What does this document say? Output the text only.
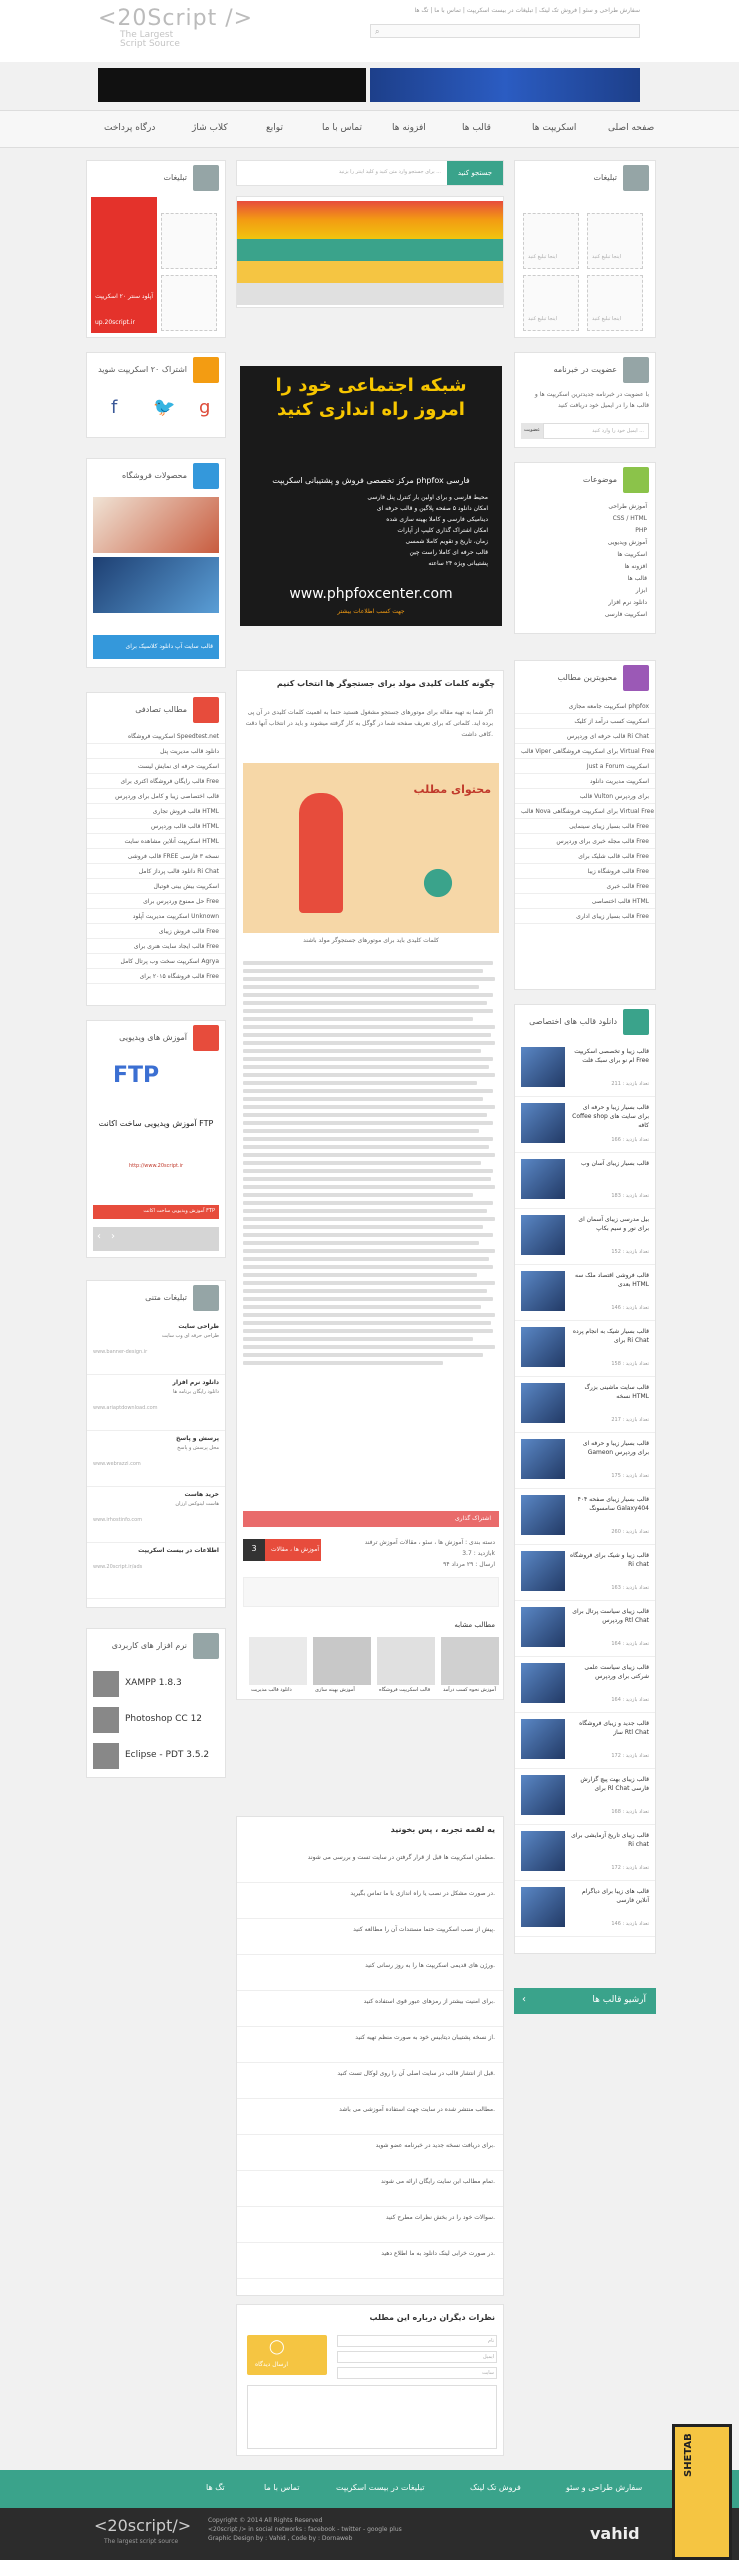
<20Script />
The Largest Script Source
سفارش طراحی و سئو | فروش تک لینک | تبلیغات در بیست اسکریپت | تماس با ما | تگ ها
⌕
صفحه اصلی
اسکریپت ها
قالب ها
افزونه ها
تماس با ما
توابع
کلاب شاژ
درگاه پرداخت
تبلیغات
اینجا تبلیغ کنید	اینجا تبلیغ کنید
اینجا تبلیغ کنید	اینجا تبلیغ کنید
عضویت در خبرنامه
با عضویت در خبرنامه جدیدترین اسکریپت ها و قالب ها را در ایمیل خود دریافت کنید
ایمیل خود را وارد کنید ...
عضویت
موضوعات
آموزش طراحی
CSS / HTML
PHP
آموزش ویدیویی
اسکریپت ها
افزونه ها
قالب ها
ابزار
دانلود نرم افزار
اسکریپت فارسی
محبوبترین مطالب
اسکریپت جامعه مجازی phpfox
اسکریپت کسب درآمد از کلیک
قالب حرفه ای وردپرس Ri Chat
قالب Viper برای اسکریپت فروشگاهی Virtual Free
Just a Forum اسکریپت
اسکریپت مدیریت دانلود
قالب Vulton برای وردپرس
قالب Nova برای اسکریپت فروشگاهی Virtual Free
قالب بسیار زیبای سینمایی Free
قالب مجله خبری برای وردپرس Free
قالب قالب شلیک برای Free
قالب فروشگاه زیبا Free
قالب خبری Free
قالب اختصاصی HTML
قالب بسیار زیبای اداری Free
دانلود قالب های اختصاصی
قالب زیبا و تخصصی اسکریپت ام نو برای سبک فلت Free
تعداد بازدید : 211
قالب بسیار زیبا و حرفه ای Coffee shop برای سایت های کافه
تعداد بازدید : 166
قالب بسیار زیبای آسان وب
تعداد بازدید : 183
بیل مدرسی زیبای آسمان ای برای نور و سیم بکاپ
تعداد بازدید : 152
قالب فروشی اقتصاد ملک سه بعدی HTML
تعداد بازدید : 146
قالب بسیار شیک به انجام پرده برای Ri Chat
تعداد بازدید : 158
قالب سایت ماشینی بزرگ نسخه HTML
تعداد بازدید : 217
قالب بسیار زیبا و حرفه ای Gameon برای وردپرس
تعداد بازدید : 175
قالب بسیار زیبای صفحه ۴۰۴ سامسونگ Galaxy404
تعداد بازدید : 260
قالب زیبا و شیک برای فروشگاه Ri chat
تعداد بازدید : 163
قالب زیبای سیاست پرتال برای وردپرس Rtl Chat
تعداد بازدید : 164
قالب زیبای سیاست علمی شرکتی برای وردپرس
تعداد بازدید : 164
قالب جدید و زیبای فروشگاه ساز Rtl Chat
تعداد بازدید : 172
قالب زیبای بهت پیچ گزارش برای Rl Chat فارسی
تعداد بازدید : 168
قالب زیبای تاریخ آزمایشی برای Ri chat
تعداد بازدید : 172
قالب های زیبا برای دیاگرام آنلاین فارسی
تعداد بازدید : 146
آرشیو قالب ها
‹
جستجو کنید
برای جستجو وارد متن کنید و کلید اینتر را بزنید ...
شبکه اجتماعی خود را امروز راه اندازی کنید
مرکز تخصصی فروش و پشتیبانی اسکریپت phpfox فارسی
محیط فارسی و برای اولین بار کنترل پنل فارسی
امکان دانلود ۵ صفحه پلاگین و قالب حرفه ای
دینامیکی فارسی و کاملا بهینه سازی شده
امکان اشتراک گذاری کلیپ از آپارات
زمان، تاریخ و تقویم کاملا شمسی
قالب حرفه ای کاملا راست چین
پشتیبانی ویژه ۲۴ ساعته
www.phpfoxcenter.com
جهت کسب اطلاعات بیشتر
چگونه کلمات کلیدی مولد برای جستجوگر ها انتخاب کنیم
اگر شما به تهیه مقاله برای موتورهای جستجو مشغول هستید حتما به اهمیت کلمات کلیدی در آن پی برده اید. کلماتی که برای تعریف صفحه شما در گوگل به کار گرفته میشوند و باید در انتخاب آنها دقت کافی داشت.
محتوای مطلب
کلمات کلیدی باید برای موتورهای جستجوگر مولد باشند
اشتراک گذاری
دسته بندی : آموزش ها ، سئو ، مقالات آموزش ترفند
بازدید : 3.7k
ارسال : ۲۹ مرداد ۹۴
3	آموزش ها ، مقالات
مطالب مشابه
آموزش نحوه کسب درآمد
قالب اسکریپت فروشگاه
آموزش بهینه سازی
دانلود قالب مدیریت
یه لقمه تجربه ، پس بخونید
مطمئن اسکریپت ها قبل از قرار گرفتن در سایت تست و بررسی می شوند.
در صورت مشکل در نصب یا راه اندازی با ما تماس بگیرید.
پیش از نصب اسکریپت حتما مستندات آن را مطالعه کنید.
ورژن های قدیمی اسکریپت ها را به روز رسانی کنید.
برای امنیت بیشتر از رمزهای عبور قوی استفاده کنید.
از نسخه پشتیبان دیتابیس خود به صورت منظم تهیه کنید.
قبل از انتشار قالب در سایت اصلی آن را روی لوکال تست کنید.
مطالب منتشر شده در سایت جهت استفاده آموزشی می باشد.
برای دریافت نسخه جدید در خبرنامه عضو شوید.
تمام مطالب این سایت رایگان ارائه می شوند.
سوالات خود را در بخش نظرات مطرح کنید.
در صورت خرابی لینک دانلود به ما اطلاع دهید.
نظرات دیگران درباره این مطلب
◯
ارسال دیدگاه
نام
ایمیل
سایت
تبلیغات
آپلود سنتر ۲۰ اسکریپت
up.20script.ir
اشتراک ۲۰ اسکریپت شوید
g
🐦
f
محصولات فروشگاه
قالب سایت آپ دانلود کلاسیک برای
مطالب تصادفی
اسکریپت فروشگاه Speedtest.net
دانلود قالب مدیریت پنل
اسکریپت حرفه ای نمایش لیست
قالب رایگان فروشگاه اکتری برای Free
قالب اختصاصی زیبا و کامل برای وردپرس
قالب فروش تجاری HTML
قالب قالب وردپرس HTML
اسکریپت آنلاین مشاهده سایت HTML
قالب فروشی FREE نسخه ۳ فارسی
دانلود قالب پرداز کامل Ri Chat
اسکریپت بیش بینی فوتبال
حل ممنوع وردپرس برای Free
اسکریپت مدیریت آپلود Unknown
قالب فروش زیبای Free
قالب ایجاد سایت هنری برای Free
اسکریپت سخت وب پرتال کامل Agrya
قالب فروشگاه ۲۰۱۵ برای Free
آموزش های ویدیویی
FTP
آموزش ویدیویی ساخت اکانت FTP
http://www.20script.ir
آموزش ویدیویی ساخت اکانت FTP
‹ ›
تبلیغات متنی
طراحی سایت
طراحی حرفه ای وب سایت
www.banner-design.ir
دانلود نرم افزار
دانلود رایگان برنامه ها
www.ariaptdownload.com
پرسش و پاسخ
محل پرسش و پاسخ
www.webrazzi.com
خرید هاست
هاست لینوکس ارزان
www.irhostinfo.com
اطلاعات در بیست اسکریپت
www.20script.ir/ads
نرم افزار های کاربردی
XAMPP 1.8.3
Photoshop CC 12
Eclipse - PDT 3.5.2
سفارش طراحی و سئو
فروش تک لینک
تبلیغات در بیست اسکریپت
تماس با ما
تگ ها
<20script/>
The largest script source
Copyright © 2014 All Rights Reserved
<20script /> in social networks : facebook - twitter - google plus
Graphic Design by : Vahid , Code by : Dornaweb	vahid
SHETAB
